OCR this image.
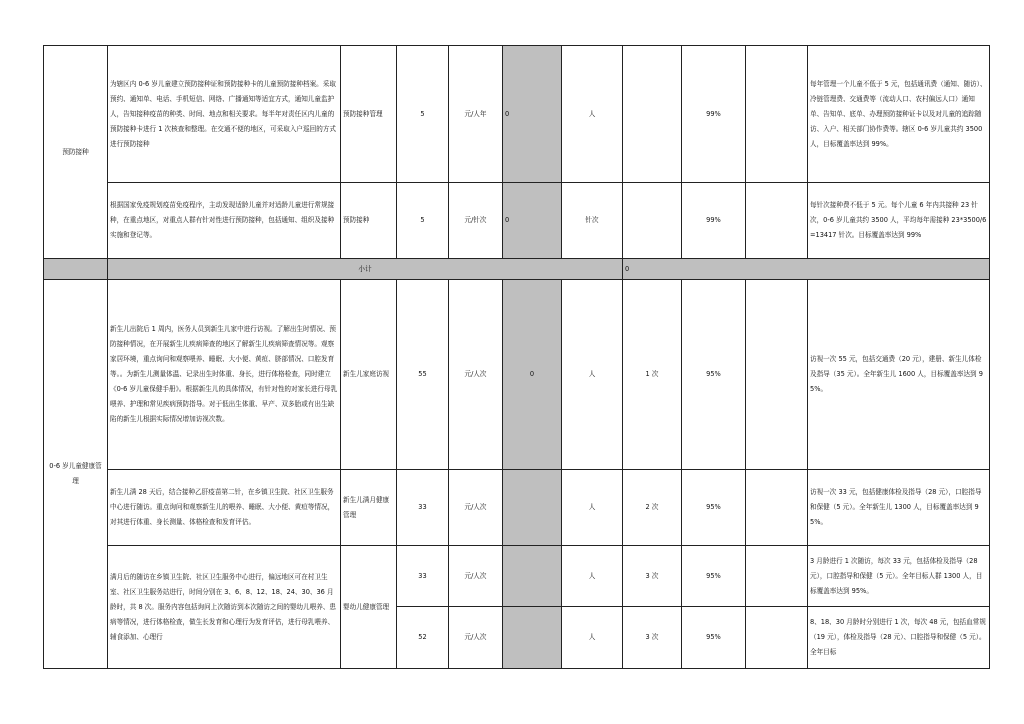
预防接种	为辖区内 0-6 岁儿童建立预防接种证和预防接种卡的儿童预防接种档案。采取预约、通知单、电话、手机短信、网络、广播通知等适宜方式，通知儿童监护人，告知接种疫苗的种类、时间、地点和相关要求。每半年对责任区内儿童的预防接种卡进行 1 次核查和整理。在交通不便的地区，可采取入户巡回的方式进行预防接种	预防接种管理	5	元/人年	0	人		99%		每年管理一个儿童不低于 5 元，包括通讯费（通知、随访）、冷链管理费、交通费等（流动人口、农村偏远人口）通知单、告知单、底单、办理预防接种证卡以及对儿童的追踪随访、入户、相关部门协作费等。辖区 0-6 岁儿童共约 3500 人，目标覆盖率达到 99%。
	根据国家免疫规划疫苗免疫程序，主动发现适龄儿童并对适龄儿童进行常规接种，在重点地区，对重点人群有针对性进行预防接种，包括通知、组织及接种实施和登记等。	预防接种	5	元/针次	0	针次		99%		每针次接种费不低于 5 元。每个儿童 6 年内共接种 23 针次，0-6 岁儿童共约 3500 人，平均每年需接种 23*3500/6=13417 针次。目标覆盖率达到 99%
	小计						0			
0-6 岁儿童健康管理	新生儿出院后 1 周内，医务人员到新生儿家中进行访视。了解出生时情况、预防接种情况，在开展新生儿疾病筛查的地区了解新生儿疾病筛查情况等。观察家居环境，重点询问和观察喂养、睡眠、大小便、黄疸、脐部情况、口腔发育等。。为新生儿测量体温、记录出生时体重、身长，进行体格检查，同时建立《0-6 岁儿童保健手册》。根据新生儿的具体情况，有针对性的对家长进行母乳喂养、护理和常见疾病预防指导。对于低出生体重、早产、双多胎或有出生缺陷的新生儿根据实际情况增加访视次数。	新生儿家庭访视	55	元/人次	0	人	1 次	95%		访视一次 55 元，包括交通费（20 元），建册、新生儿体检及指导（35 元）。全年新生儿 1600 人，目标覆盖率达到 95%。
	新生儿满 28 天后，结合接种乙肝疫苗第二针，在乡镇卫生院、社区卫生服务中心进行随访。重点询问和观察新生儿的喂养、睡眠、大小便、黄疸等情况，对其进行体重、身长测量、体格检查和发育评估。	新生儿满月健康管理	33	元/人次		人	2 次	95%		访视一次 33 元，包括健康体检及指导（28 元），口腔指导和保健（5 元）。全年新生儿 1300 人，目标覆盖率达到 95%。
	满月后的随访在乡镇卫生院、社区卫生服务中心进行，偏远地区可在村卫生室、社区卫生服务站进行，时间分别在 3、6、8、12、18、24、30、36 月龄时，共 8 次。服务内容包括询问上次随访到本次随访之间的婴幼儿喂养、患病等情况，进行体格检查，做生长发育和心理行为发育评估，进行母乳喂养、辅食添加、心理行	婴幼儿健康管理	33	元/人次		人	3 次	95%		3 月龄进行 1 次随访，每次 33 元，包括体检及指导（28 元），口腔指导和保健（5 元）。全年目标人群 1300 人，目标覆盖率达到 95%。
			52	元/人次		人	3 次	95%		8、18、30 月龄时分别进行 1 次，每次 48 元，包括血常规（19 元），体检及指导（28 元）、口腔指导和保健（5 元）。全年目标
